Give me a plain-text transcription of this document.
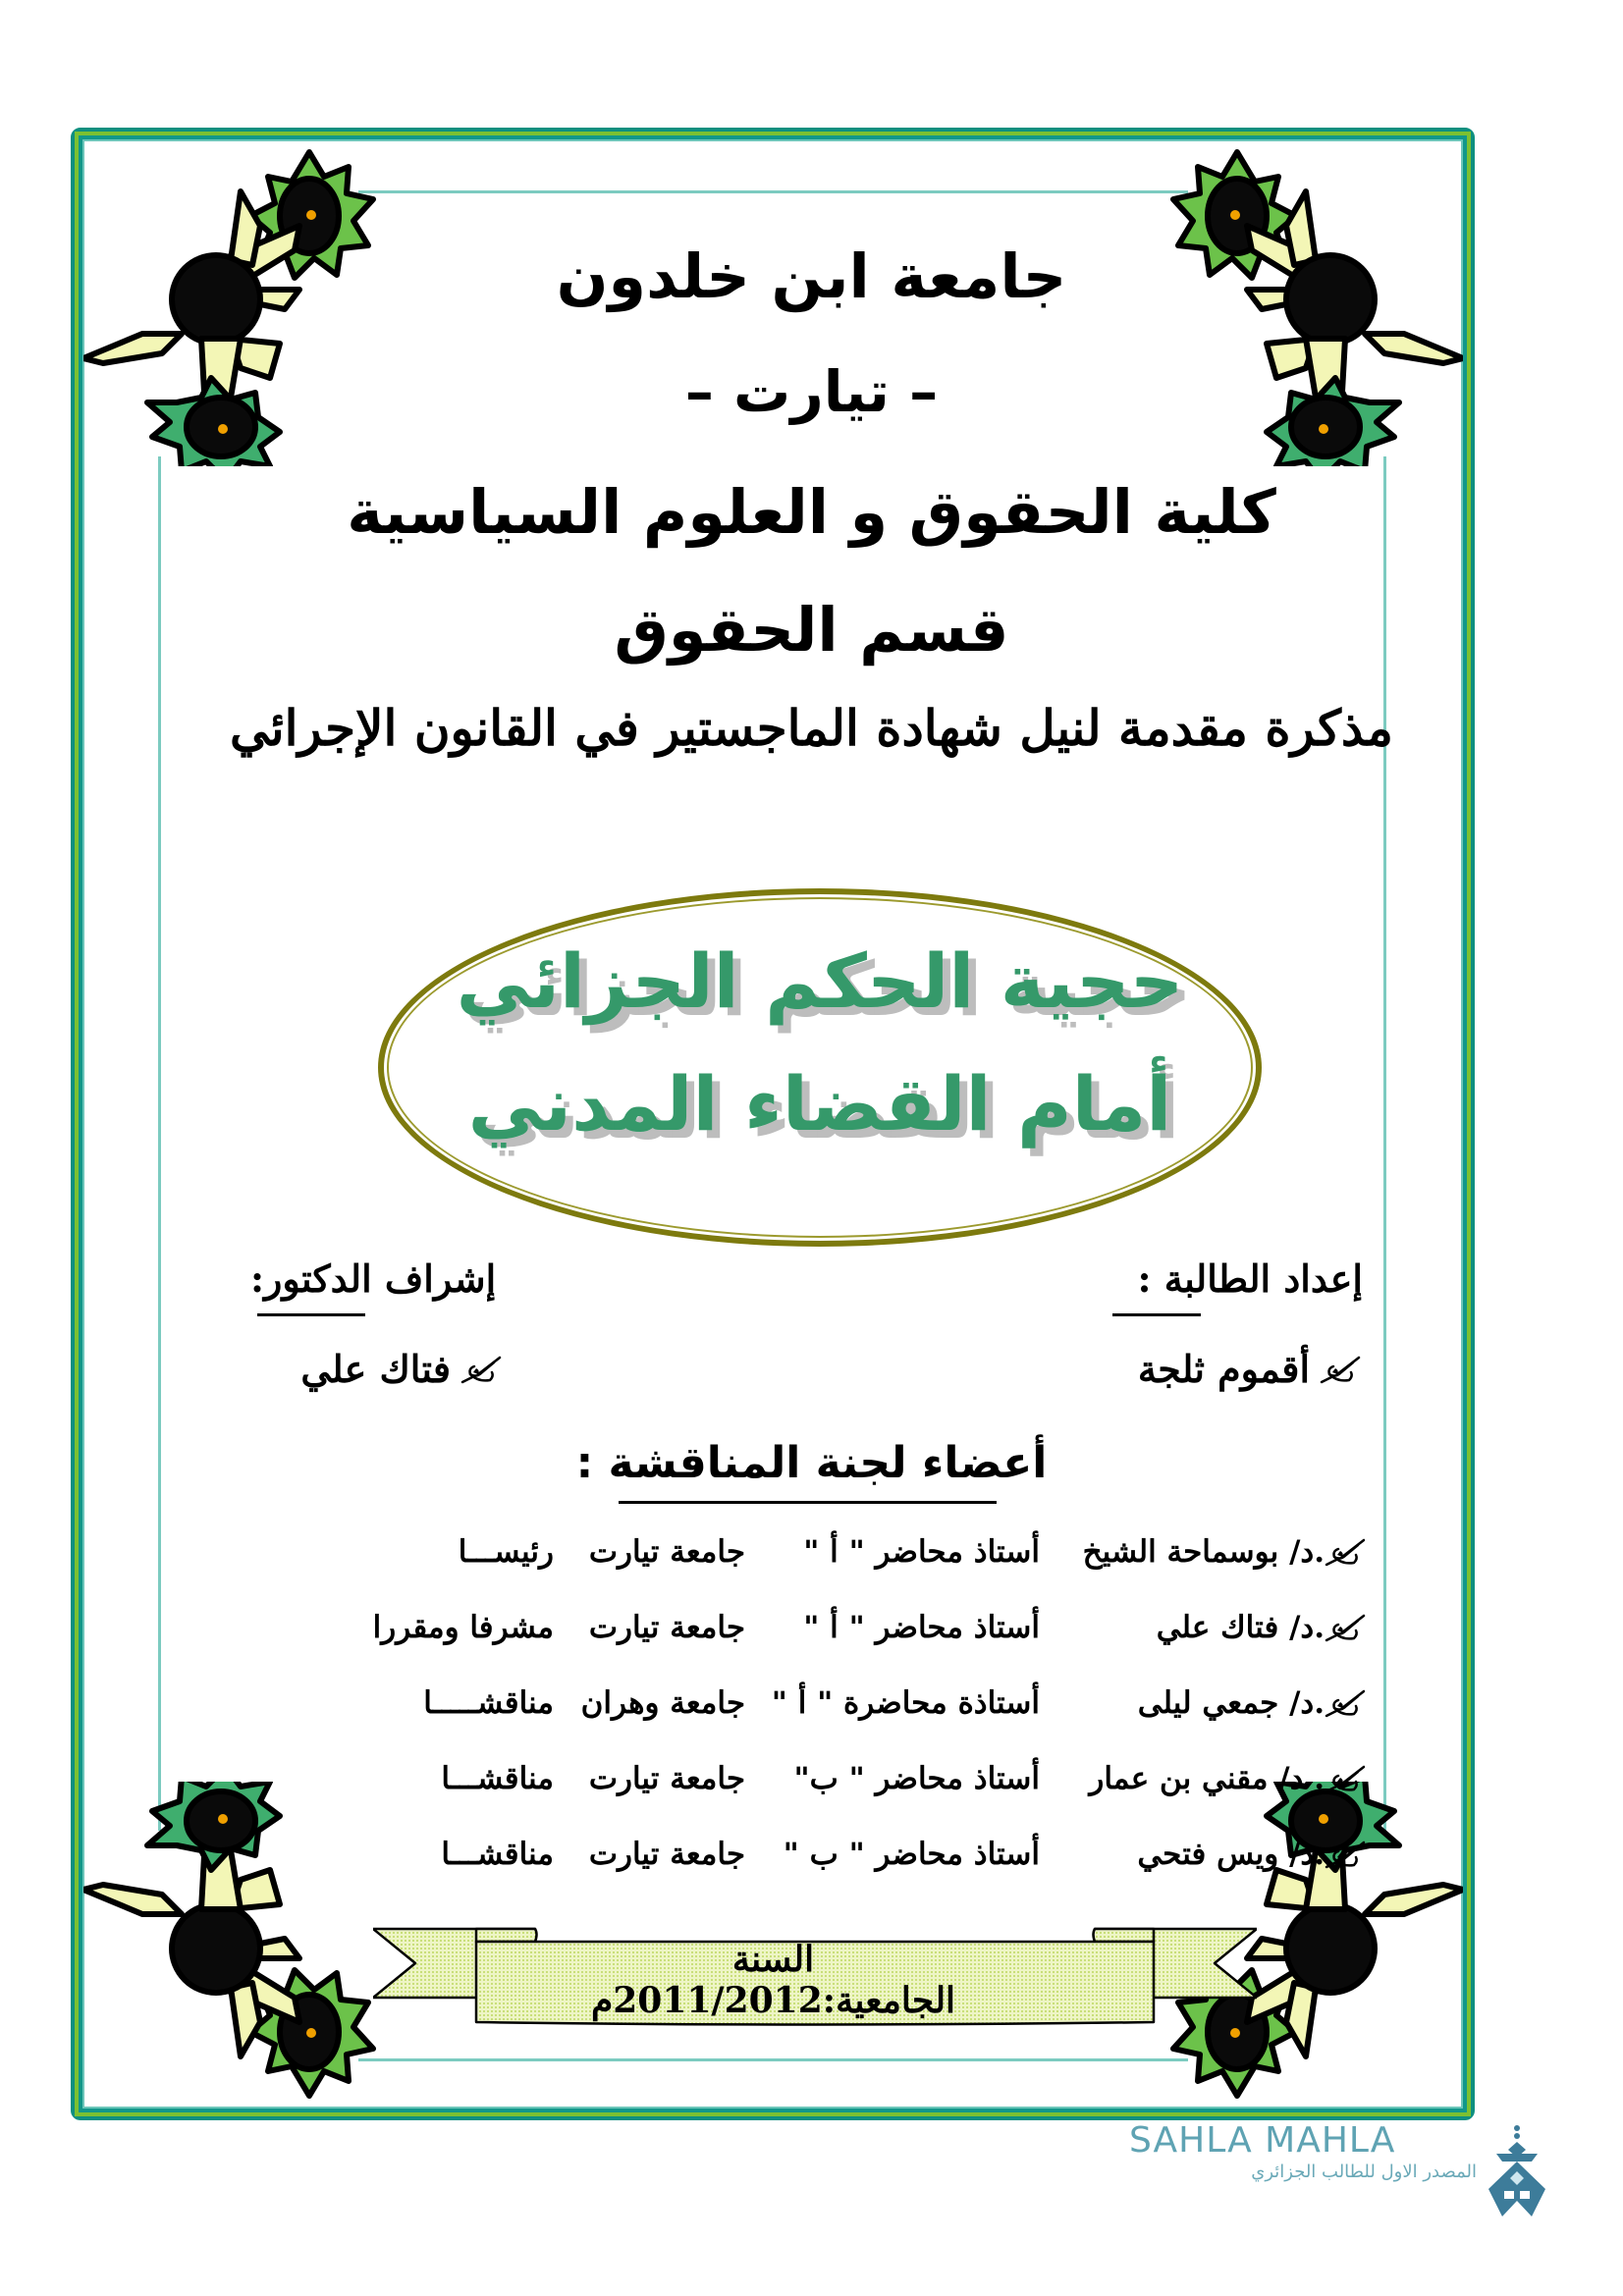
جامعة ابن خلدون
– تيارت –
كلية الحقوق و العلوم السياسية
قسم الحقوق
مذكرة مقدمة لنيل شهادة الماجستير في القانون الإجرائي
حجية الحكم الجزائي
أمام القضاء المدني
إعداد الطالبة :
إشراف الدكتور:
أقموم ثلجة
فتاك علي
أعضاء لجنة المناقشة :
.د/ بوسماحة الشيخ
أستاذ محاضر " أ "
جامعة تيارت
رئيســـا
.د/ فتاك علي
أستاذ محاضر " أ "
جامعة تيارت
مشرفا ومقررا
.د/ جمعي ليلى
أستاذة محاضرة " أ "
جامعة وهران
مناقشـــــا
. د/ مقني بن عمار
أستاذ محاضر " ب"
جامعة تيارت
مناقشـــا
.د/ ويس فتحي
أستاذ محاضر " ب "
جامعة تيارت
مناقشـــا
السنة الجامعية:2011/2012م
SAHLA MAHLA
المصدر الاول للطالب الجزائري
